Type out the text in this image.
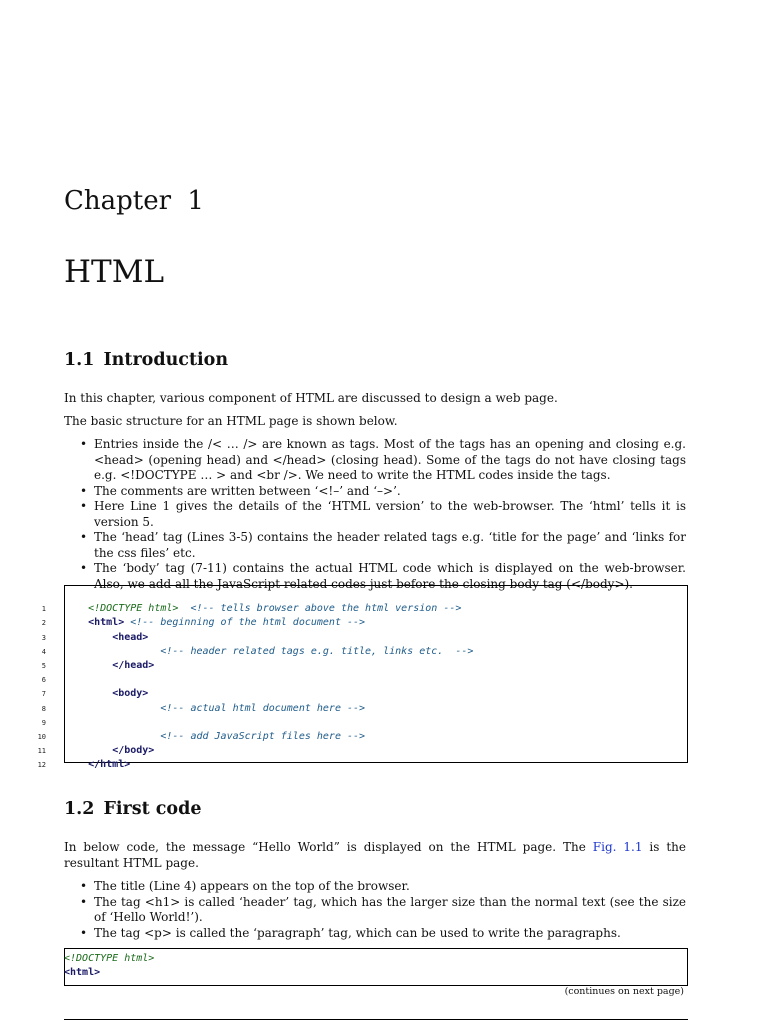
Chapter 1
HTML
1.1 Introduction
In this chapter, various component of HTML are discussed to design a web page.
The basic structure for an HTML page is shown below.
• Entries inside the /< … /> are known as tags. Most of the tags has an opening and closing e.g. <head> (opening head) and </head> (closing head). Some of the tags do not have closing tags e.g. <!DOCTYPE … > and <br />. We need to write the HTML codes inside the tags.
• The comments are written between ‘<!–’ and ‘–>’.
• Here Line 1 gives the details of the ‘HTML version’ to the web-browser. The ‘html’ tells it is version 5.
• The ‘head’ tag (Lines 3-5) contains the header related tags e.g. ‘title for the page’ and ‘links for the css files’ etc.
• The ‘body’ tag (7-11) contains the actual HTML code which is displayed on the web-browser. Also, we add all the JavaScript related codes just before the closing body tag (</body>).

1	<!DOCTYPE html> <!-- tells browser above the html version -->

2	<html> <!-- beginning of the html document -->

3	<head>

4	<!-- header related tags e.g. title, links etc.  -->

5	</head>

6

7	<body>

8	<!-- actual html document here -->

9

10	<!-- add JavaScript files here -->

11	</body>

12	</html>

1.2 First code
In below code, the message “Hello World” is displayed on the HTML page. The Fig. 1.1 is the resultant HTML page.
• The title (Line 4) appears on the top of the browser.
• The tag <h1> is called ‘header’ tag, which has the larger size than the normal text (see the size of ‘Hello World!’).
• The tag <p> is called the ‘paragraph’ tag, which can be used to write the paragraphs.
<!DOCTYPE html>
<html>
(continues on next page)
